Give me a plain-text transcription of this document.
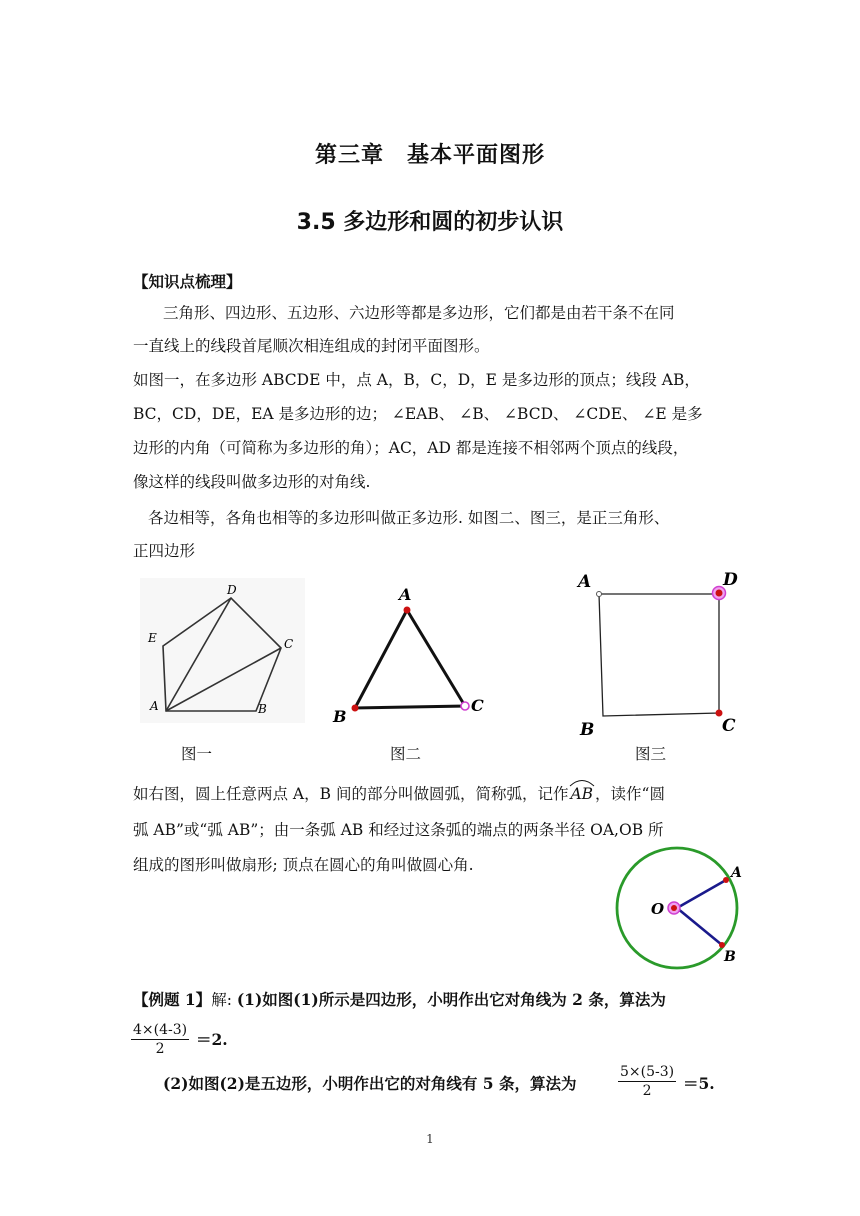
第三章　基本平面图形
3.5 多边形和圆的初步认识
【知识点梳理】
三角形、四边形、五边形、六边形等都是多边形，它们都是由若干条不在同
一直线上的线段首尾顺次相连组成的封闭平面图形。
如图一，在多边形 ABCDE 中，点 A，B，C，D，E 是多边形的顶点；线段 AB，
BC，CD，DE，EA 是多边形的边； ∠EAB、 ∠B、 ∠BCD、 ∠CDE、 ∠E 是多
边形的内角（可简称为多边形的角）；AC，AD 都是连接不相邻两个顶点的线段，
像这样的线段叫做多边形的对角线.
各边相等，各角也相等的多边形叫做正多边形. 如图二、图三，是正三角形、
正四边形
A	B
C
D
E
A
B
C
A
B	C
D
图一	图二	图三
如右图，圆上任意两点 A，B 间的部分叫做圆弧，简称弧，记作 AB ，读作“圆
弧 AB”或“弧 AB”；由一条弧 AB 和经过这条弧的端点的两条半径 OA,OB 所
组成的图形叫做扇形; 顶点在圆心的角叫做圆心角.
O
A
B
【例题 1】解: (1)如图(1)所示是四边形，小明作出它对角线为 2 条，算法为
$\frac{4\times(4-3)}{2} =2$.
(2)如图(2)是五边形，小明作出它的对角线有 5 条，算法为	$\frac{5\times(5-3)}{2} =5$.
1
